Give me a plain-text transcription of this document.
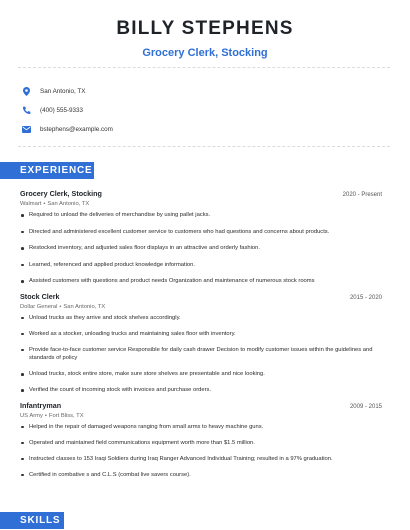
BILLY STEPHENS
Grocery Clerk, Stocking
San Antonio, TX
(400) 555-9333
bstephens@example.com
EXPERIENCE
Grocery Clerk, Stocking	2020 - Present
Walmart • San Antonio, TX
Required to unload the deliveries of merchandise by using pallet jacks.
Directed and administered excellent customer service to customers who had questions and concerns about products.
Restocked inventory, and adjusted sales floor displays in an attractive and orderly fashion.
Learned, referenced and applied product knowledge information.
Assisted customers with questions and product needs Organization and maintenance of numerous stock rooms
Stock Clerk	2015 - 2020
Dollar General • San Antonio, TX
Unload trucks as they arrive and stock shelves accordingly.
Worked as a stocker, unloading trucks and maintaining sales floor with inventory.
Provide face-to-face customer service Responsible for daily cash drawer Decision to modify customer issues within the guidelines and standards of policy
Unload trucks, stock entire store, make sure store shelves are presentable and nice looking.
Verified the count of incoming stock with invoices and purchase orders.
Infantryman	2009 - 2015
US Army • Fort Bliss, TX
Helped in the repair of damaged weapons ranging from small arms to heavy machine guns.
Operated and maintained field communications equipment worth more than $1.5 million.
Instructed classes to 153 Iraqi Soldiers during Iraq Ranger Advanced Individual Training; resulted in a 97% graduation.
Certified in combative s and C.L.S (combat live savers course).
SKILLS
